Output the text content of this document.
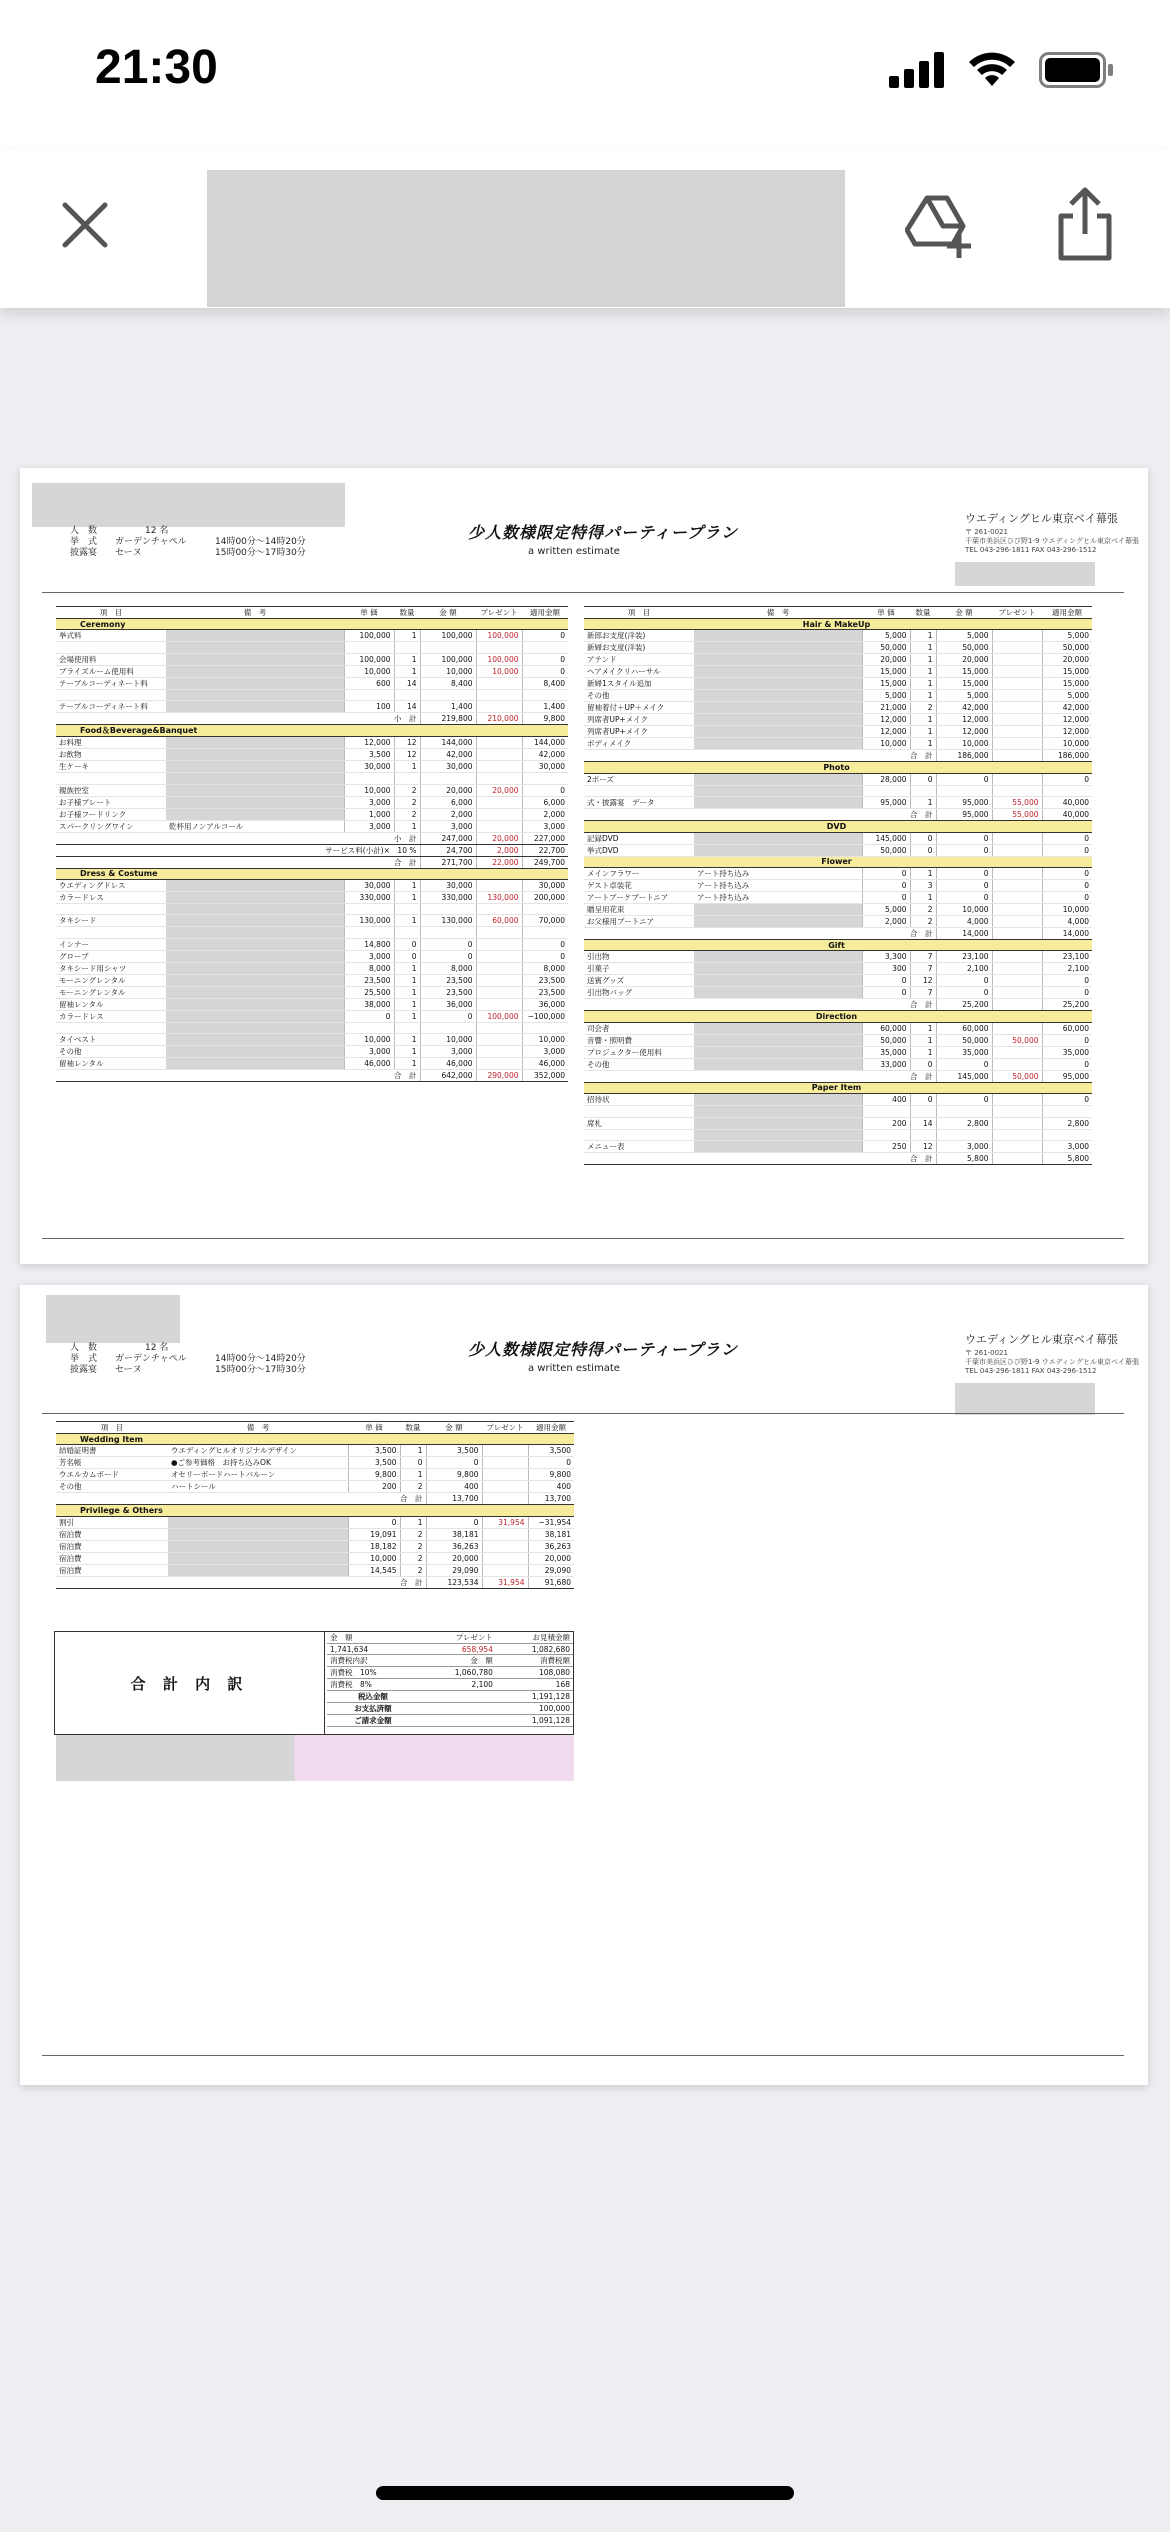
21:30
人　数	12 名
挙　式 ガーデンチャペル
披露宴 セーヌ
14時00分～14時20分
15時00分～17時30分
少人数様限定特得パーティープラン
a written estimate
ウエディングヒル東京ベイ幕張
〒 261-0021
千葉市美浜区ひび野1-9 ウエディングヒル東京ベイ幕張
TEL 043-296-1811 FAX 043-296-1512
項　目	備　考	単 価	数量	金 額	プレゼント	適用金額
Ceremony						
挙式料		100,000	1	100,000	100,000	0

会場使用料		100,000	1	100,000	100,000	0
ブライズルーム使用料		10,000	1	10,000	10,000	0
テーブルコーディネート料		600	14	8,400		8,400

テーブルコーディネート料		100	14	1,400		1,400
小　計				219,800	210,000	9,800
Food＆Beverage&Banquet						
お料理		12,000	12	144,000		144,000
お飲物		3,500	12	42,000		42,000
生ケーキ		30,000	1	30,000		30,000

親族控室		10,000	2	20,000	20,000	0
お子様プレート		3,000	2	6,000		6,000
お子様フードリンク		1,000	2	2,000		2,000
スパークリングワイン	乾杯用ノンアルコール	3,000	1	3,000		3,000
小　計				247,000	20,000	227,000
サービス料(小計)×　10 %				24,700	2,000	22,700
合　計				271,700	22,000	249,700
Dress & Costume						
ウエディングドレス		30,000	1	30,000		30,000
カラードレス		330,000	1	330,000	130,000	200,000

タキシード		130,000	1	130,000	60,000	70,000

インナー		14,800	0	0		0
グローブ		3,000	0	0		0
タキシード用シャツ		8,000	1	8,000		8,000
モーニングレンタル		23,500	1	23,500		23,500
モーニングレンタル		25,500	1	23,500		23,500
留袖レンタル		38,000	1	36,000		36,000
カラードレス		0	1	0	100,000	−100,000

タイベスト		10,000	1	10,000		10,000
その他		3,000	1	3,000		3,000
留袖レンタル		46,000	1	46,000		46,000
合　計				642,000	290,000	352,000
項　目	備　考	単 価	数量	金 額	プレゼント	適用金額
Hair & MakeUp						
新郎お支度(洋装)		5,000	1	5,000		5,000
新婦お支度(洋装)		50,000	1	50,000		50,000
アテンド		20,000	1	20,000		20,000
ヘアメイクリハーサル		15,000	1	15,000		15,000
新婦1スタイル追加		15,000	1	15,000		15,000
その他		5,000	1	5,000		5,000
留袖着付＋UP＋メイク		21,000	2	42,000		42,000
列席者UP+メイク		12,000	1	12,000		12,000
列席者UP+メイク		12,000	1	12,000		12,000
ボディメイク		10,000	1	10,000		10,000
合　計				186,000		186,000
Photo						
2ポーズ		28,000	0	0		0

式・披露宴　データ		95,000	1	95,000	55,000	40,000
合　計				95,000	55,000	40,000
DVD						
記録DVD		145,000	0	0		0
挙式DVD		50,000	0	0		0
Flower						
メインフラワー	アート持ち込み	0	1	0		0
ゲスト卓装花	アート持ち込み	0	3	0		0
アートブーケブートニア	アート持ち込み	0	1	0		0
贈呈用花束		5,000	2	10,000		10,000
お父様用ブートニア		2,000	2	4,000		4,000
合　計				14,000		14,000
Gift						
引出物		3,300	7	23,100		23,100
引菓子		300	7	2,100		2,100
送賓グッズ		0	12	0		0
引出物バッグ		0	7	0		0
合　計				25,200		25,200
Direction						
司会者		60,000	1	60,000		60,000
音響・照明費		50,000	1	50,000	50,000	0
プロジェクター使用料		35,000	1	35,000		35,000
その他		33,000	0	0		0
合　計				145,000	50,000	95,000
Paper Item						
招待状		400	0	0		0

席札		200	14	2,800		2,800

メニュー表		250	12	3,000		3,000
合　計				5,800		5,800
人　数	12 名
挙　式 ガーデンチャペル
披露宴 セーヌ
14時00分～14時20分
15時00分～17時30分
少人数様限定特得パーティープラン
a written estimate
ウエディングヒル東京ベイ幕張
〒 261-0021
千葉市美浜区ひび野1-9 ウエディングヒル東京ベイ幕張
TEL 043-296-1811 FAX 043-296-1512
項　目	備　考	単 価	数量	金 額	プレゼント	適用金額
Wedding Item						
結婚証明書	ウエディングヒルオリジナルデザイン	3,500	1	3,500		3,500
芳名帳	●ご参考価格　お持ち込みOK	3,500	0	0		0
ウエルカムボード	オセリーボードハートバルーン	9,800	1	9,800		9,800
その他	ハートシール	200	2	400		400
合　計				13,700		13,700
Privilege & Others						
割引		0	1	0	31,954	−31,954
宿泊費		19,091	2	38,181		38,181
宿泊費		18,182	2	36,263		36,263
宿泊費		10,000	2	20,000		20,000
宿泊費		14,545	2	29,090		29,090
合　計				123,534	31,954	91,680
合 計 内 訳
金　額	プレゼント	お見積金額
1,741,634	658,954	1,082,680
消費税内訳	金　額	消費税額
消費税　10%	1,060,780	108,080
消費税　8%	2,100	168
税込金額		1,191,128
お支払済額		100,000
ご請求金額		1,091,128
